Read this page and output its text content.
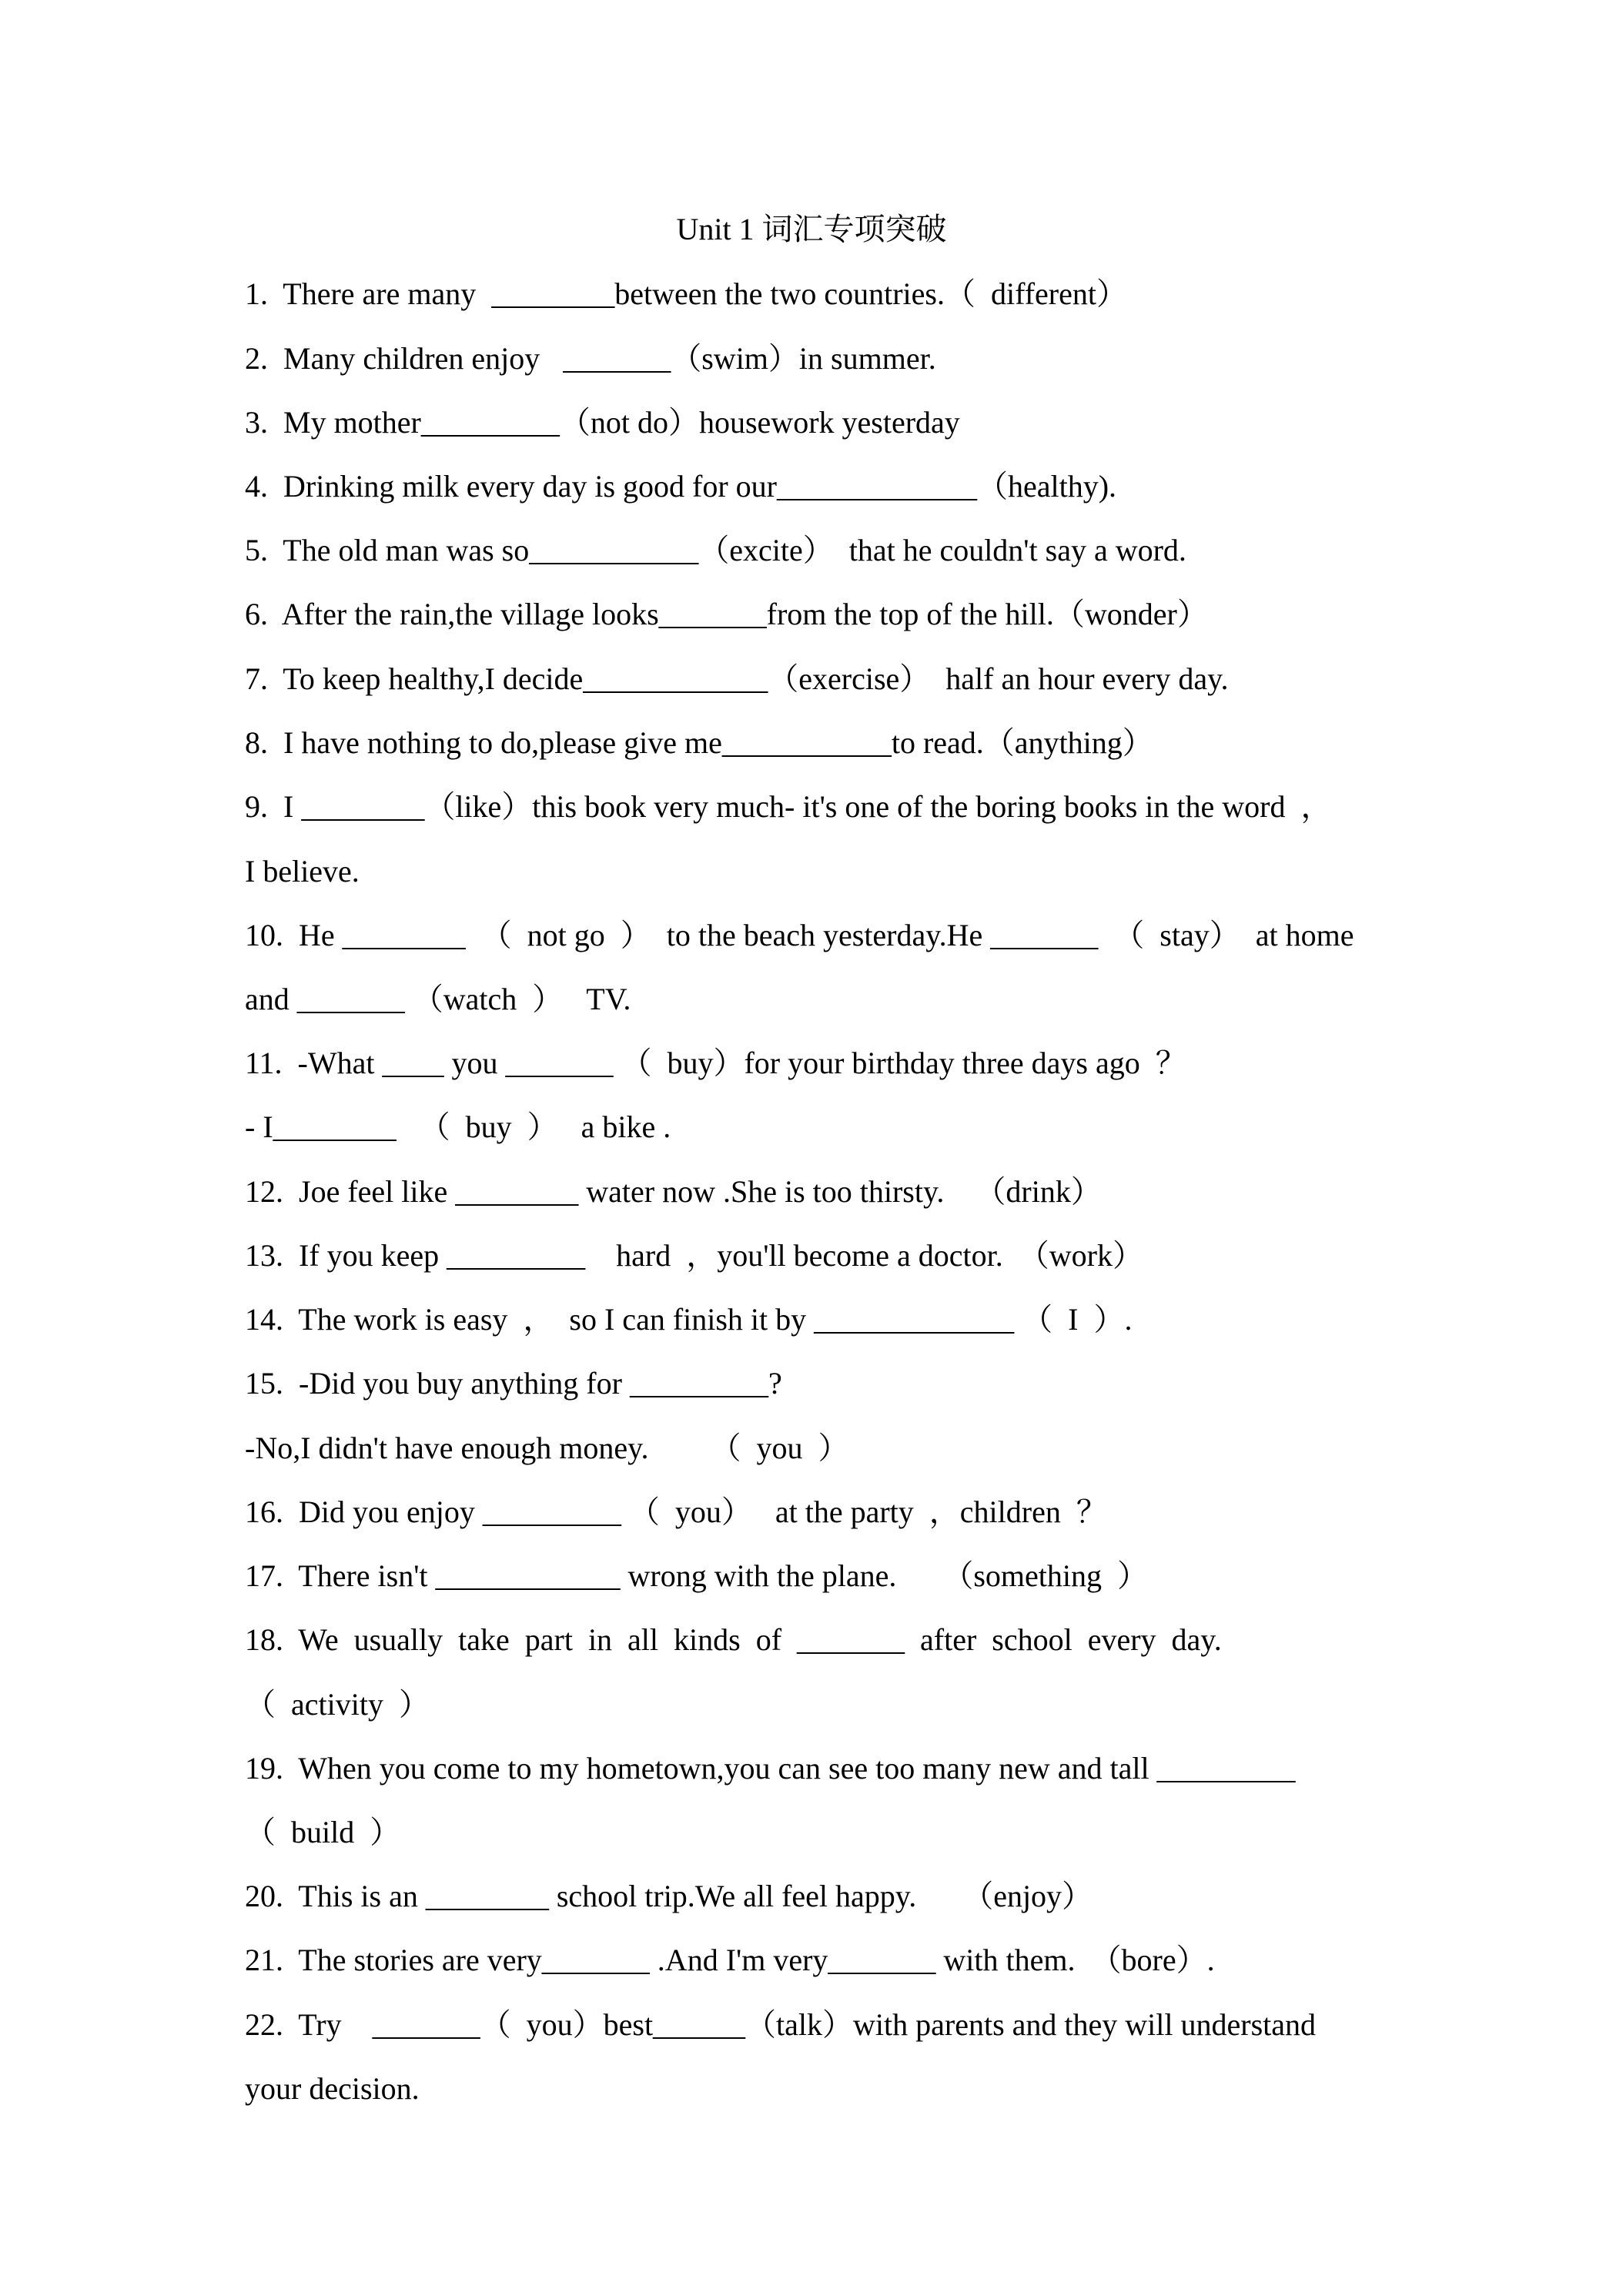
Unit 1 词汇专项突破
1.  There are many  ________between the two countries.（  different）
2.  Many children enjoy   _______（swim）in summer.
3.  My mother_________（not do）housework yesterday
4.  Drinking milk every day is good for our_____________（healthy).
5.  The old man was so___________（excite）  that he couldn't say a word.
6.  After the rain,the village looks_______from the top of the hill.（wonder）
7.  To keep healthy,I decide____________（exercise）  half an hour every day.
8.  I have nothing to do,please give me___________to read.（anything）
9.  I ________（like）this book very much- it's one of the boring books in the word  ，
I believe.
10.  He ________  （  not go  ）  to the beach yesterday.He _______  （  stay）  at home
and _______ （watch  ）   TV.
11.  -What ____ you _______ （  buy）for your birthday three days ago  ？
- I________   （  buy  ）   a bike .
12.  Joe feel like ________ water now .She is too thirsty.    （drink）
13.  If you keep _________    hard  ，you'll become a doctor.  （work）
14.  The work is easy  ，  so I can finish it by _____________ （  I  ）.
15.  -Did you buy anything for _________?
-No,I didn't have enough money.        （  you  ）
16.  Did you enjoy _________ （  you）   at the party  ，children  ？
17.  There isn't ____________ wrong with the plane.      （something  ）
18.  We  usually  take  part  in  all  kinds  of  _______  after  school  every  day.
（  activity  ）
19.  When you come to my hometown,you can see too many new and tall _________
（  build  ）
20.  This is an ________ school trip.We all feel happy.      （enjoy）
21.  The stories are very_______ .And I'm very_______ with them.  （bore）.
22.  Try    _______（  you）best______（talk）with parents and they will understand
your decision.
